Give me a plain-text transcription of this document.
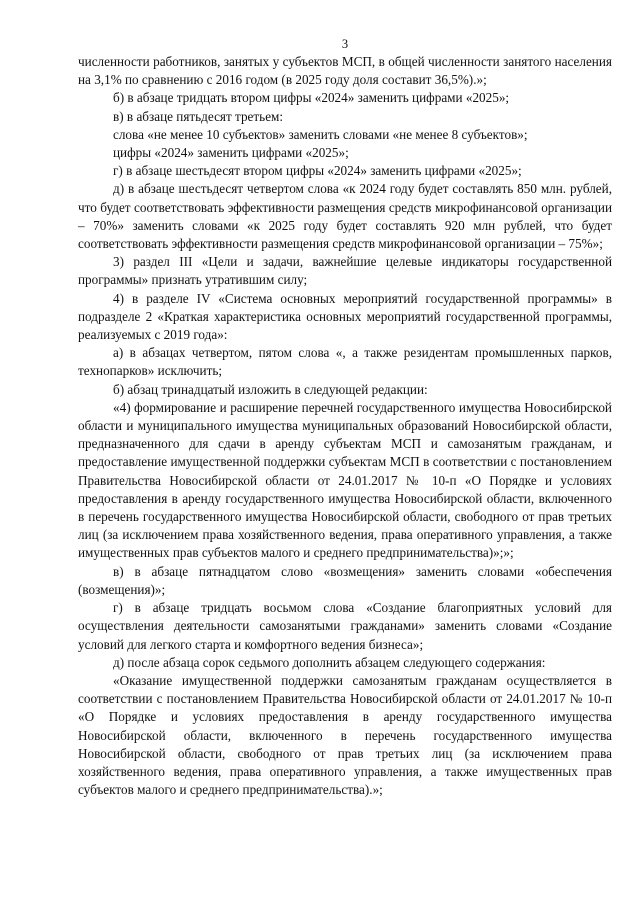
3

численности работников, занятых у субъектов МСП, в общей численности занятого населения на 3,1% по сравнению с 2016 годом (в 2025 году доля составит 36,5%).»;

б) в абзаце тридцать втором цифры «2024» заменить цифрами «2025»;

в) в абзаце пятьдесят третьем:

слова «не менее 10 субъектов» заменить словами «не менее 8 субъектов»;

цифры «2024» заменить цифрами «2025»;

г) в абзаце шестьдесят втором цифры «2024» заменить цифрами «2025»;

д) в абзаце шестьдесят четвертом слова «к 2024 году будет составлять 850 млн. рублей, что будет соответствовать эффективности размещения средств микрофинансовой организации – 70%» заменить словами «к 2025 году будет составлять 920 млн рублей, что будет соответствовать эффективности размещения средств микрофинансовой организации – 75%»;

3) раздел III «Цели и задачи, важнейшие целевые индикаторы государственной программы» признать утратившим силу;

4) в разделе IV «Система основных мероприятий государственной программы» в подразделе 2 «Краткая характеристика основных мероприятий государственной программы, реализуемых с 2019 года»:

а) в абзацах четвертом, пятом слова «, а также резидентам промышленных парков, технопарков» исключить;

б) абзац тринадцатый изложить в следующей редакции:

«4) формирование и расширение перечней государственного имущества Новосибирской области и муниципального имущества муниципальных образований Новосибирской области, предназначенного для сдачи в аренду субъектам МСП и самозанятым гражданам, и предоставление имущественной поддержки субъектам МСП в соответствии с постановлением Правительства Новосибирской области от 24.01.2017 № 10-п «О Порядке и условиях предоставления в аренду государственного имущества Новосибирской области, включенного в перечень государственного имущества Новосибирской области, свободного от прав третьих лиц (за исключением права хозяйственного ведения, права оперативного управления, а также имущественных прав субъектов малого и среднего предпринимательства)»;»;

в) в абзаце пятнадцатом слово «возмещения» заменить словами «обеспечения (возмещения)»;

г) в абзаце тридцать восьмом слова «Создание благоприятных условий для осуществления деятельности самозанятыми гражданами» заменить словами «Создание условий для легкого старта и комфортного ведения бизнеса»;

д) после абзаца сорок седьмого дополнить абзацем следующего содержания:

«Оказание имущественной поддержки самозанятым гражданам осуществляется в соответствии с постановлением Правительства Новосибирской области от 24.01.2017 № 10-п «О Порядке и условиях предоставления в аренду государственного имущества Новосибирской области, включенного в перечень государственного имущества Новосибирской области, свободного от прав третьих лиц (за исключением права хозяйственного ведения, права оперативного управления, а также имущественных прав субъектов малого и среднего предпринимательства).»;
